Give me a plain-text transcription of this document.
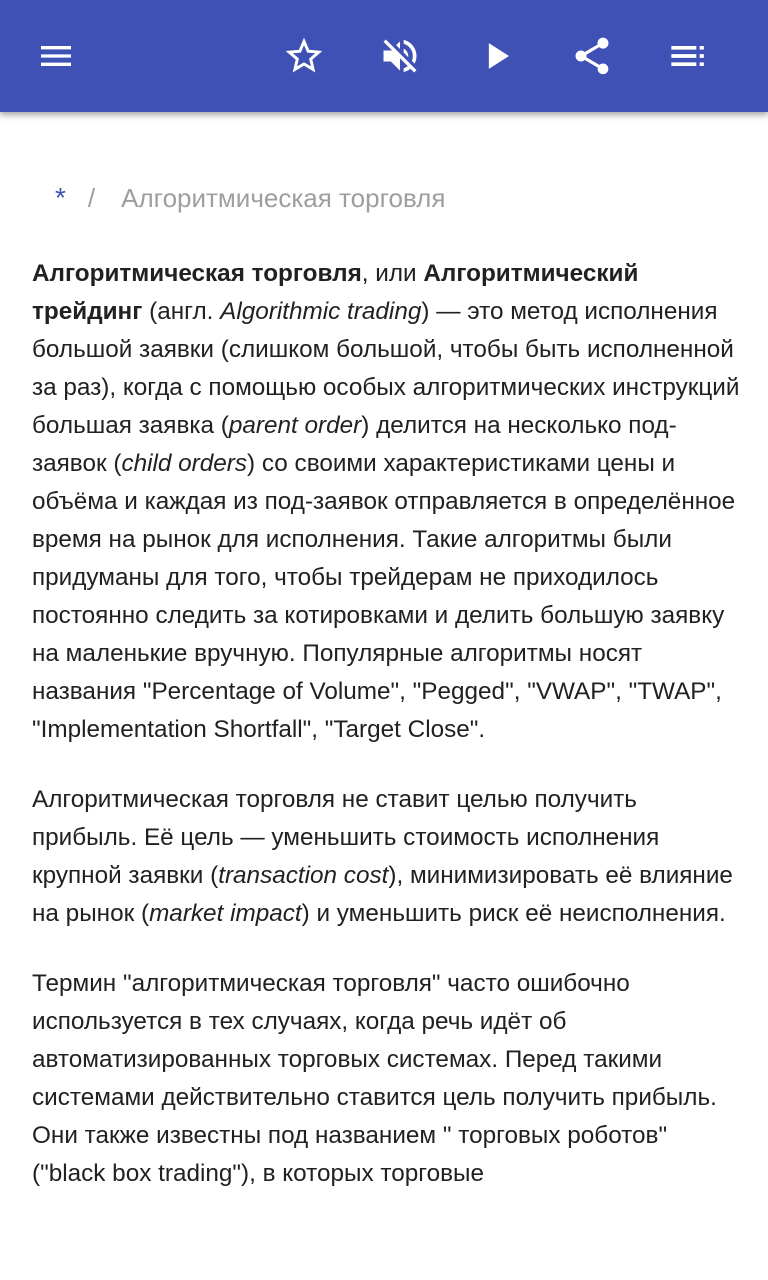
* / Алгоритмическая торговля

Алгоритмическая торговля, или Алгоритмический трейдинг (англ. Algorithmic trading) — это метод исполнения большой заявки (слишком большой, чтобы быть исполненной за раз), когда с помощью особых алгоритмических инструкций большая заявка (parent order) делится на несколько под-заявок (child orders) со своими характеристиками цены и объёма и каждая из под-заявок отправляется в определённое время на рынок для исполнения. Такие алгоритмы были придуманы для того, чтобы трейдерам не приходилось постоянно следить за котировками и делить большую заявку на маленькие вручную. Популярные алгоритмы носят названия "Percentage of Volume", "Pegged", "VWAP", "TWAP", "Implementation Shortfall", "Target Close".

Алгоритмическая торговля не ставит целью получить прибыль. Её цель — уменьшить стоимость исполнения крупной заявки (transaction cost), минимизировать её влияние на рынок (market impact) и уменьшить риск её неисполнения.

Термин "алгоритмическая торговля" часто ошибочно используется в тех случаях, когда речь идёт об автоматизированных торговых системах. Перед такими системами действительно ставится цель получить прибыль. Они также известны под названием " торговых роботов" ("black box trading"), в которых торговые
